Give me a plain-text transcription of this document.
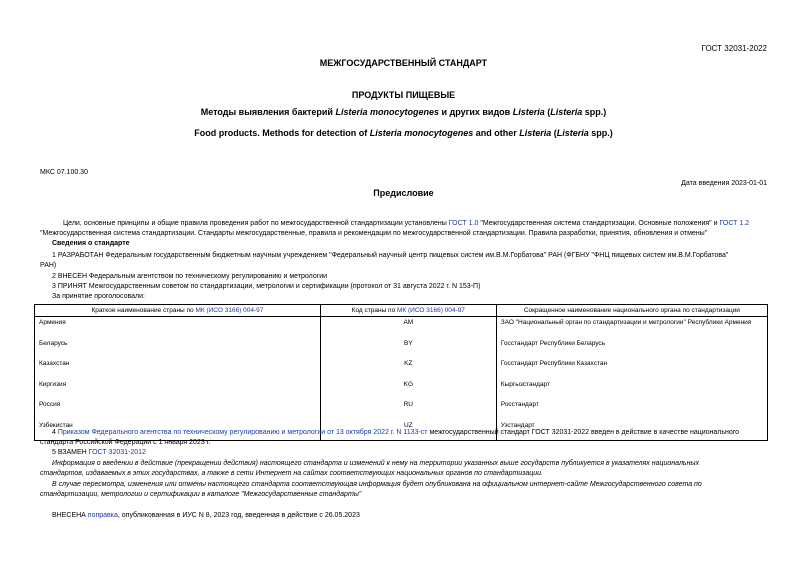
ГОСТ 32031-2022
МЕЖГОСУДАРСТВЕННЫЙ СТАНДАРТ
ПРОДУКТЫ ПИЩЕВЫЕ
Методы выявления бактерий Listeria monocytogenes и других видов Listeria (Listeria spp.)
Food products. Methods for detection of Listeria monocytogenes and other Listeria (Listeria spp.)
МКС 07.100.30
Дата введения 2023-01-01
Предисловие
Цели, основные принципы и общие правила проведения работ по межгосударственной стандартизации установлены ГОСТ 1.0 "Межгосударственная система стандартизации. Основные положения" и ГОСТ 1.2
"Межгосударственная система стандартизации. Стандарты межгосударственные, правила и рекомендации по межгосударственной стандартизации. Правила разработки, принятия, обновления и отмены"
Сведения о стандарте
1 РАЗРАБОТАН Федеральным государственным бюджетным научным учреждением "Федеральный научный центр пищевых систем им.В.М.Горбатова" РАН (ФГБНУ "ФНЦ пищевых систем им.В.М.Горбатова"
РАН)
2 ВНЕСЕН Федеральным агентством по техническому регулированию и метрологии
3 ПРИНЯТ Межгосударственным советом по стандартизации, метрологии и сертификации (протокол от 31 августа 2022 г. N 153-П)
За принятие проголосовали:
Краткое наименование страны по МК (ИСО 3166) 004-97	Код страны по МК (ИСО 3166) 004-97	Сокращенное наименование национального органа по стандартизации
Армения	AM	ЗАО "Национальный орган по стандартизации и метрологии" Республики Армения
Беларусь	BY	Госстандарт Республики Беларусь
Казахстан	KZ	Госстандарт Республики Казахстан
Киргизия	KG	Кыргызстандарт
Россия	RU	Росстандарт
Узбекистан	UZ	Узстандарт
4 Приказом Федерального агентства по техническому регулированию и метрологии от 13 октября 2022 г. N 1133-ст межгосударственный стандарт ГОСТ 32031-2022 введен в действие в качестве национального
стандарта Российской Федерации с 1 января 2023 г.
5 ВЗАМЕН ГОСТ 32031-2012
Информация о введении в действие (прекращении действия) настоящего стандарта и изменений к нему на территории указанных выше государств публикуется в указателях национальных
стандартов, издаваемых в этих государствах, а также в сети Интернет на сайтах соответствующих национальных органов по стандартизации.
В случае пересмотра, изменения или отмены настоящего стандарта соответствующая информация будет опубликована на официальном интернет-сайте Межгосударственного совета по
стандартизации, метрологии и сертификации в каталоге "Межгосударственные стандарты"
ВНЕСЕНА поправка, опубликованная в ИУС N 8, 2023 год, введенная в действие с 26.05.2023
